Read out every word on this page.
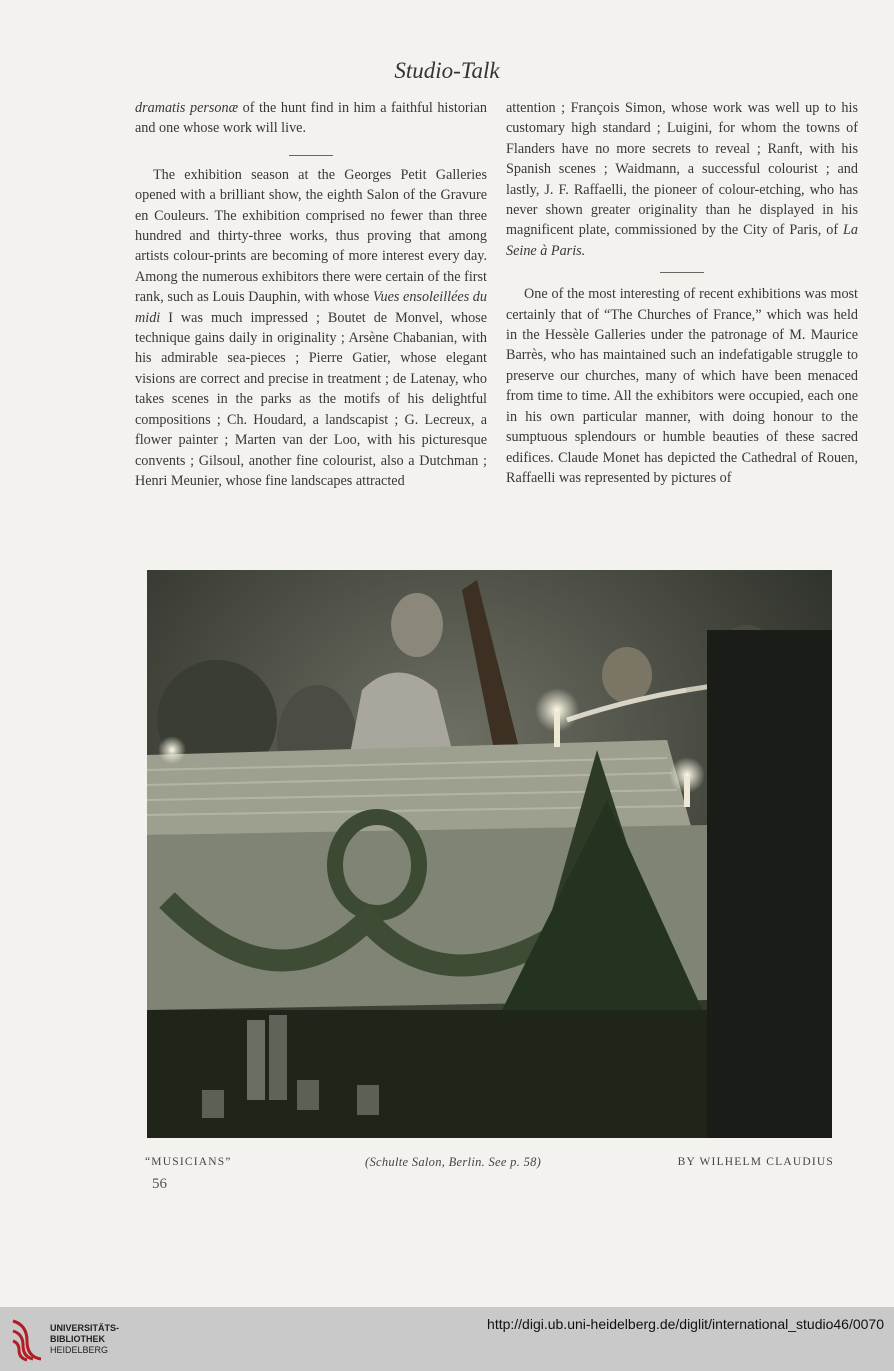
Studio-Talk

dramatis personæ of the hunt find in him a faithful historian and one whose work will live.

The exhibition season at the Georges Petit Galleries opened with a brilliant show, the eighth Salon of the Gravure en Couleurs. The exhibition comprised no fewer than three hundred and thirty-three works, thus proving that among artists colour-prints are becoming of more interest every day. Among the numerous exhibitors there were certain of the first rank, such as Louis Dauphin, with whose Vues ensoleillées du midi I was much impressed ; Boutet de Monvel, whose technique gains daily in originality ; Arsène Chabanian, with his admirable sea-pieces ; Pierre Gatier, whose elegant visions are correct and precise in treatment ; de Latenay, who takes scenes in the parks as the motifs of his delightful compositions ; Ch. Houdard, a landscapist ; G. Lecreux, a flower painter ; Marten van der Loo, with his picturesque convents ; Gilsoul, another fine colourist, also a Dutchman ; Henri Meunier, whose fine landscapes attracted

attention ; François Simon, whose work was well up to his customary high standard ; Luigini, for whom the towns of Flanders have no more secrets to reveal ; Ranft, with his Spanish scenes ; Waidmann, a successful colourist ; and lastly, J. F. Raffaelli, the pioneer of colour-etching, who has never shown greater originality than he displayed in his magnificent plate, commissioned by the City of Paris, of La Seine à Paris.

One of the most interesting of recent exhibitions was most certainly that of “The Churches of France,” which was held in the Hessèle Galleries under the patronage of M. Maurice Barrès, who has maintained such an indefatigable struggle to preserve our churches, many of which have been menaced from time to time. All the exhibitors were occupied, each one in his own particular manner, with doing honour to the sumptuous splendours or humble beauties of these sacred edifices. Claude Monet has depicted the Cathedral of Rouen, Raffaelli was represented by pictures of

“MUSICIANS”	(Schulte Salon, Berlin. See p. 58)	BY WILHELM CLAUDIUS
56
UNIVERSITÄTS-
BIBLIOTHEK
HEIDELBERG
http://digi.ub.uni-heidelberg.de/diglit/international_studio46/0070
